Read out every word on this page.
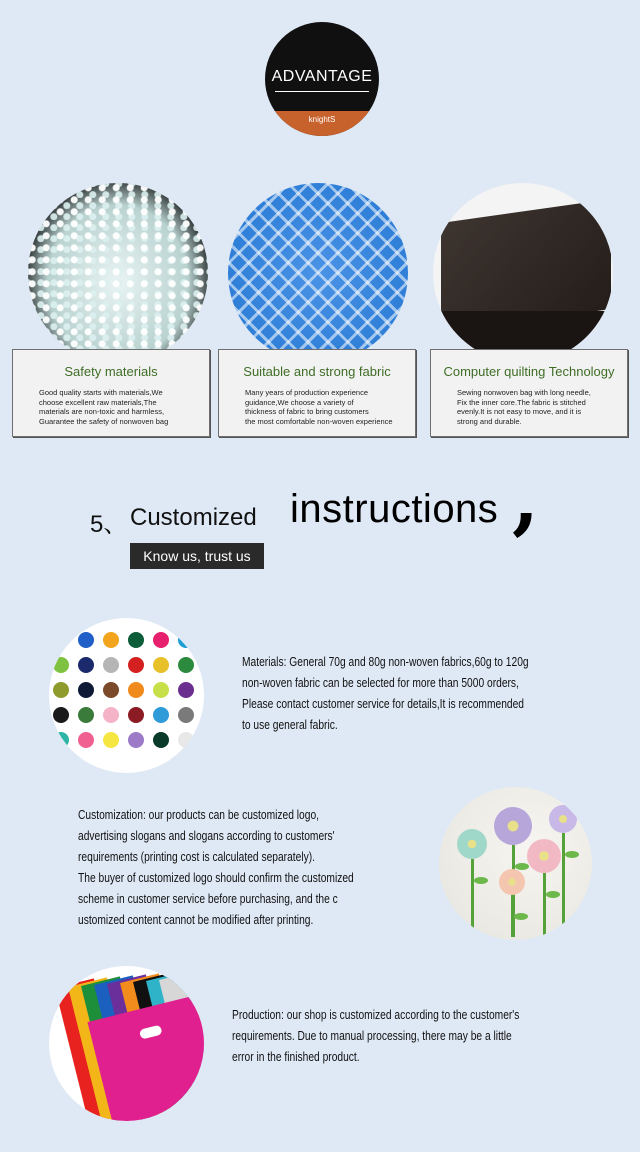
ADVANTAGE
knightS
Safety materials
Good quality starts with materials,We
choose excellent raw materials,The
materials are non-toxic and harmless,
Guarantee the safety of nonwoven bag
Suitable and strong fabric
Many years of production experience
guidance,We choose a variety of
thickness of fabric to bring customers
the most comfortable non-woven experience
Computer quilting Technology
Sewing nonwoven bag with long needle,
Fix the inner core.The fabric is stitched
evenly.It is not easy to move, and it is
strong and durable.
5、 Customized instructions ,
Know us, trust us
Materials: General 70g and 80g non-woven fabrics,60g to 120g
non-woven fabric can be selected for more than 5000 orders,
Please contact customer service for details,It is recommended
to use general fabric.
Customization: our products can be customized logo,
advertising slogans and slogans according to customers'
requirements (printing cost is calculated separately).
The buyer of customized logo should confirm the customized
scheme in customer service before purchasing, and the c
ustomized content cannot be modified after printing.
Production: our shop is customized according to the customer's
requirements. Due to manual processing, there may be a little
error in the finished product.
